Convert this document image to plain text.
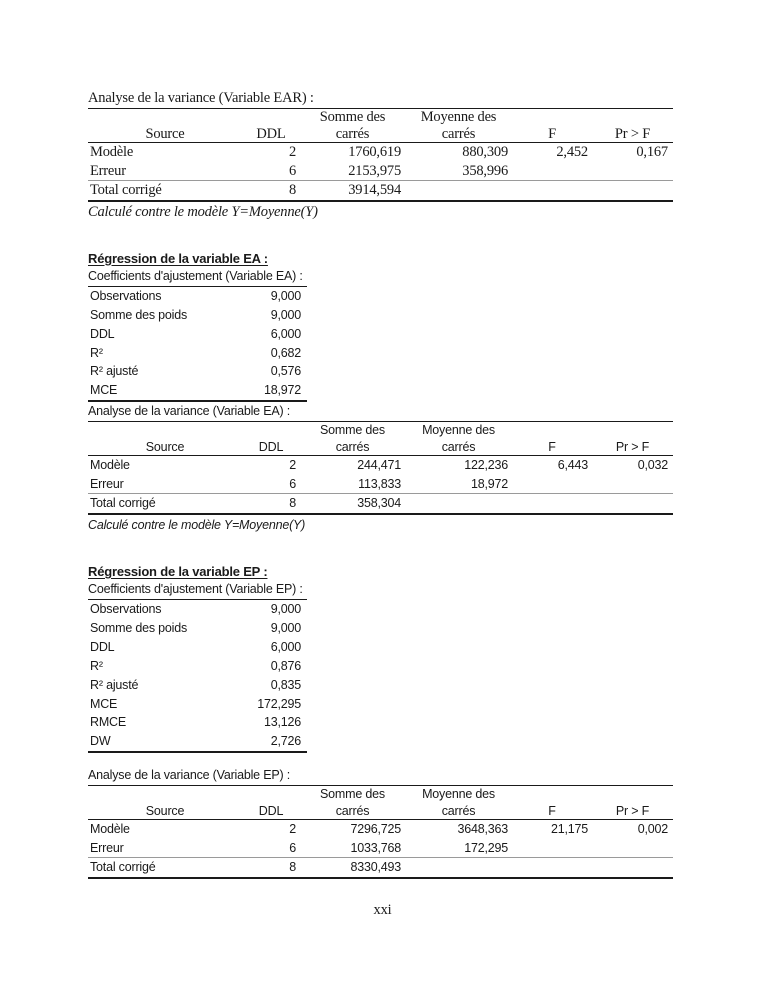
Analyse de la variance (Variable EAR) :
		Somme des	Moyenne des		
Source	DDL	carrés	carrés	F	Pr > F
Modèle	2	1760,619	880,309	2,452	0,167
Erreur	6	2153,975	358,996		
Total corrigé	8	3914,594			
Calculé contre le modèle Y=Moyenne(Y)
Régression de la variable EA :
Coefficients d'ajustement (Variable EA) :
Observations	9,000
Somme des poids	9,000
DDL	6,000
R²	0,682
R² ajusté	0,576
MCE	18,972
Analyse de la variance (Variable EA) :
		Somme des	Moyenne des		
Source	DDL	carrés	carrés	F	Pr > F
Modèle	2	244,471	122,236	6,443	0,032
Erreur	6	113,833	18,972		
Total corrigé	8	358,304			
Calculé contre le modèle Y=Moyenne(Y)
Régression de la variable EP :
Coefficients d'ajustement (Variable EP) :
Observations	9,000
Somme des poids	9,000
DDL	6,000
R²	0,876
R² ajusté	0,835
MCE	172,295
RMCE	13,126
DW	2,726
Analyse de la variance (Variable EP) :
		Somme des	Moyenne des		
Source	DDL	carrés	carrés	F	Pr > F
Modèle	2	7296,725	3648,363	21,175	0,002
Erreur	6	1033,768	172,295		
Total corrigé	8	8330,493			
xxi
